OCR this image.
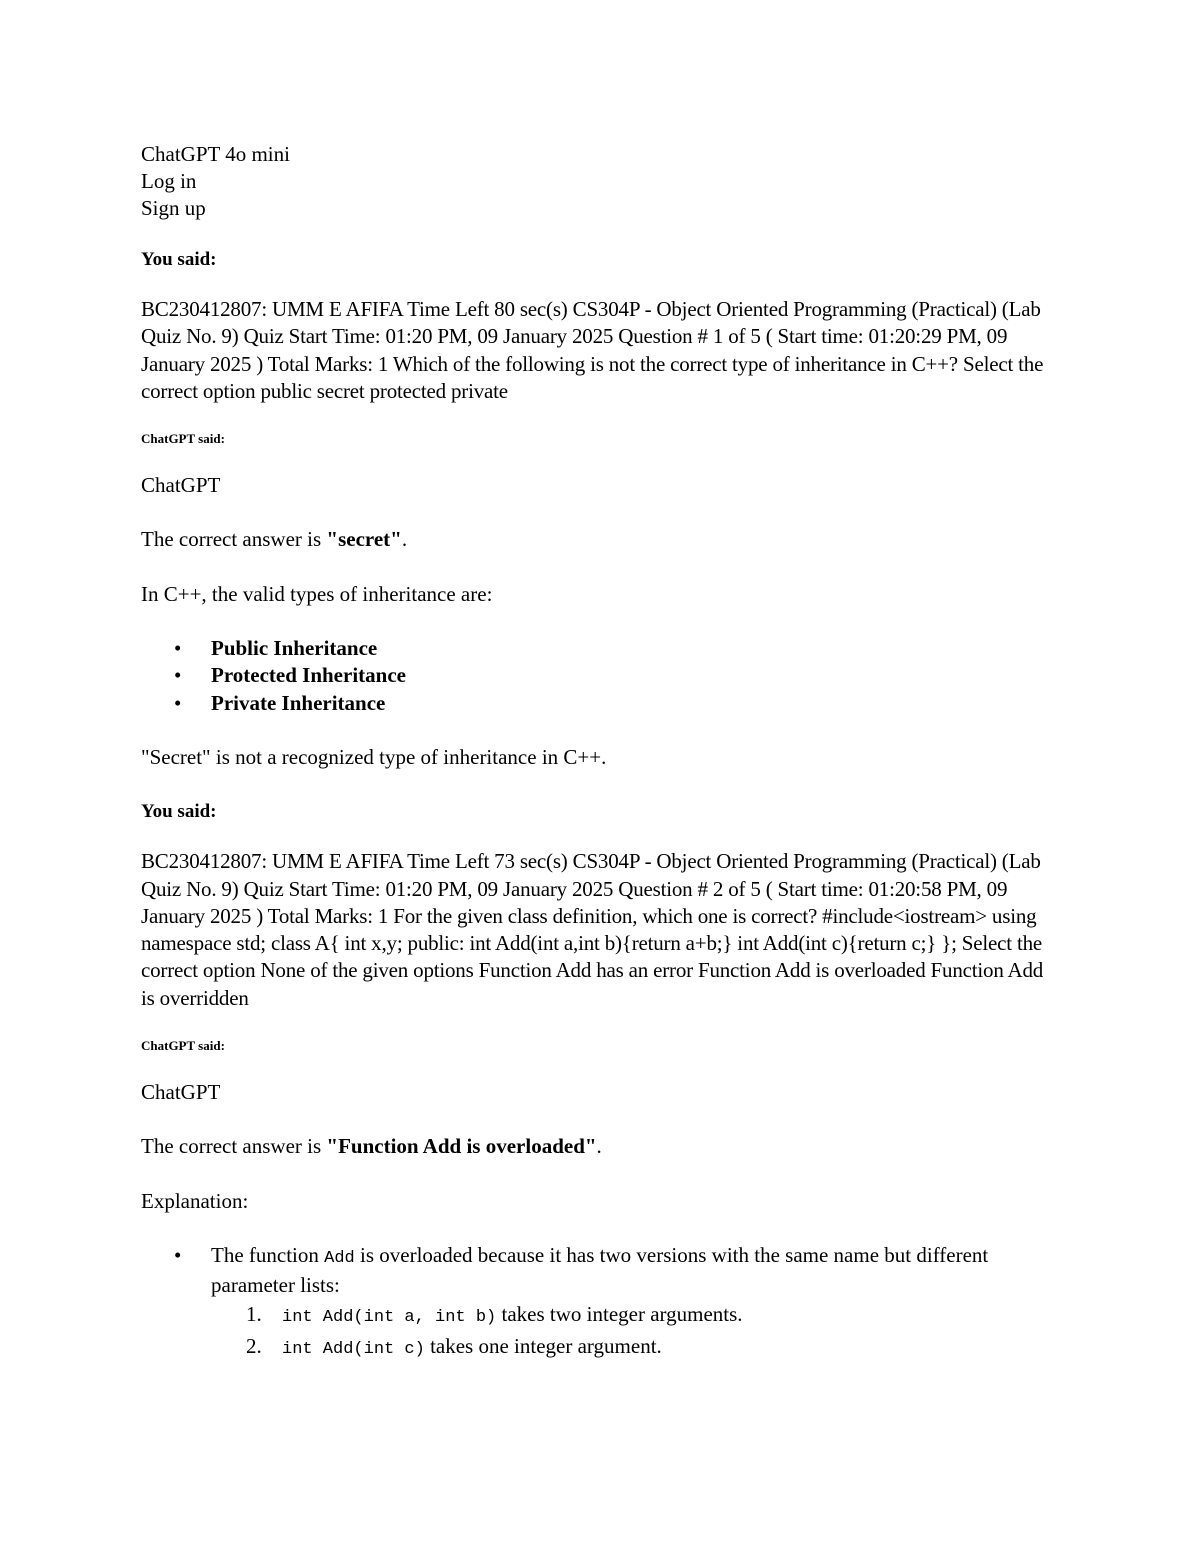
ChatGPT 4o mini

Log in

Sign up

You said:

BC230412807: UMM E AFIFA Time Left 80 sec(s) CS304P - Object Oriented Programming (Practical) (Lab Quiz No. 9) Quiz Start Time: 01:20 PM, 09 January 2025 Question # 1 of 5 ( Start time: 01:20:29 PM, 09 January 2025 ) Total Marks: 1 Which of the following is not the correct type of inheritance in C++? Select the correct option public secret protected private

ChatGPT said:

ChatGPT

The correct answer is "secret".

In C++, the valid types of inheritance are:

• Public Inheritance
• Protected Inheritance
• Private Inheritance

"Secret" is not a recognized type of inheritance in C++.

You said:

BC230412807: UMM E AFIFA Time Left 73 sec(s) CS304P - Object Oriented Programming (Practical) (Lab Quiz No. 9) Quiz Start Time: 01:20 PM, 09 January 2025 Question # 2 of 5 ( Start time: 01:20:58 PM, 09 January 2025 ) Total Marks: 1 For the given class definition, which one is correct? #include<iostream> using namespace std; class A{ int x,y; public: int Add(int a,int b){return a+b;} int Add(int c){return c;} }; Select the correct option None of the given options Function Add has an error Function Add is overloaded Function Add is overridden

ChatGPT said:

ChatGPT

The correct answer is "Function Add is overloaded".

Explanation:

• The function Add is overloaded because it has two versions with the same name but different parameter lists:
1. int Add(int a, int b) takes two integer arguments.
2. int Add(int c) takes one integer argument.
